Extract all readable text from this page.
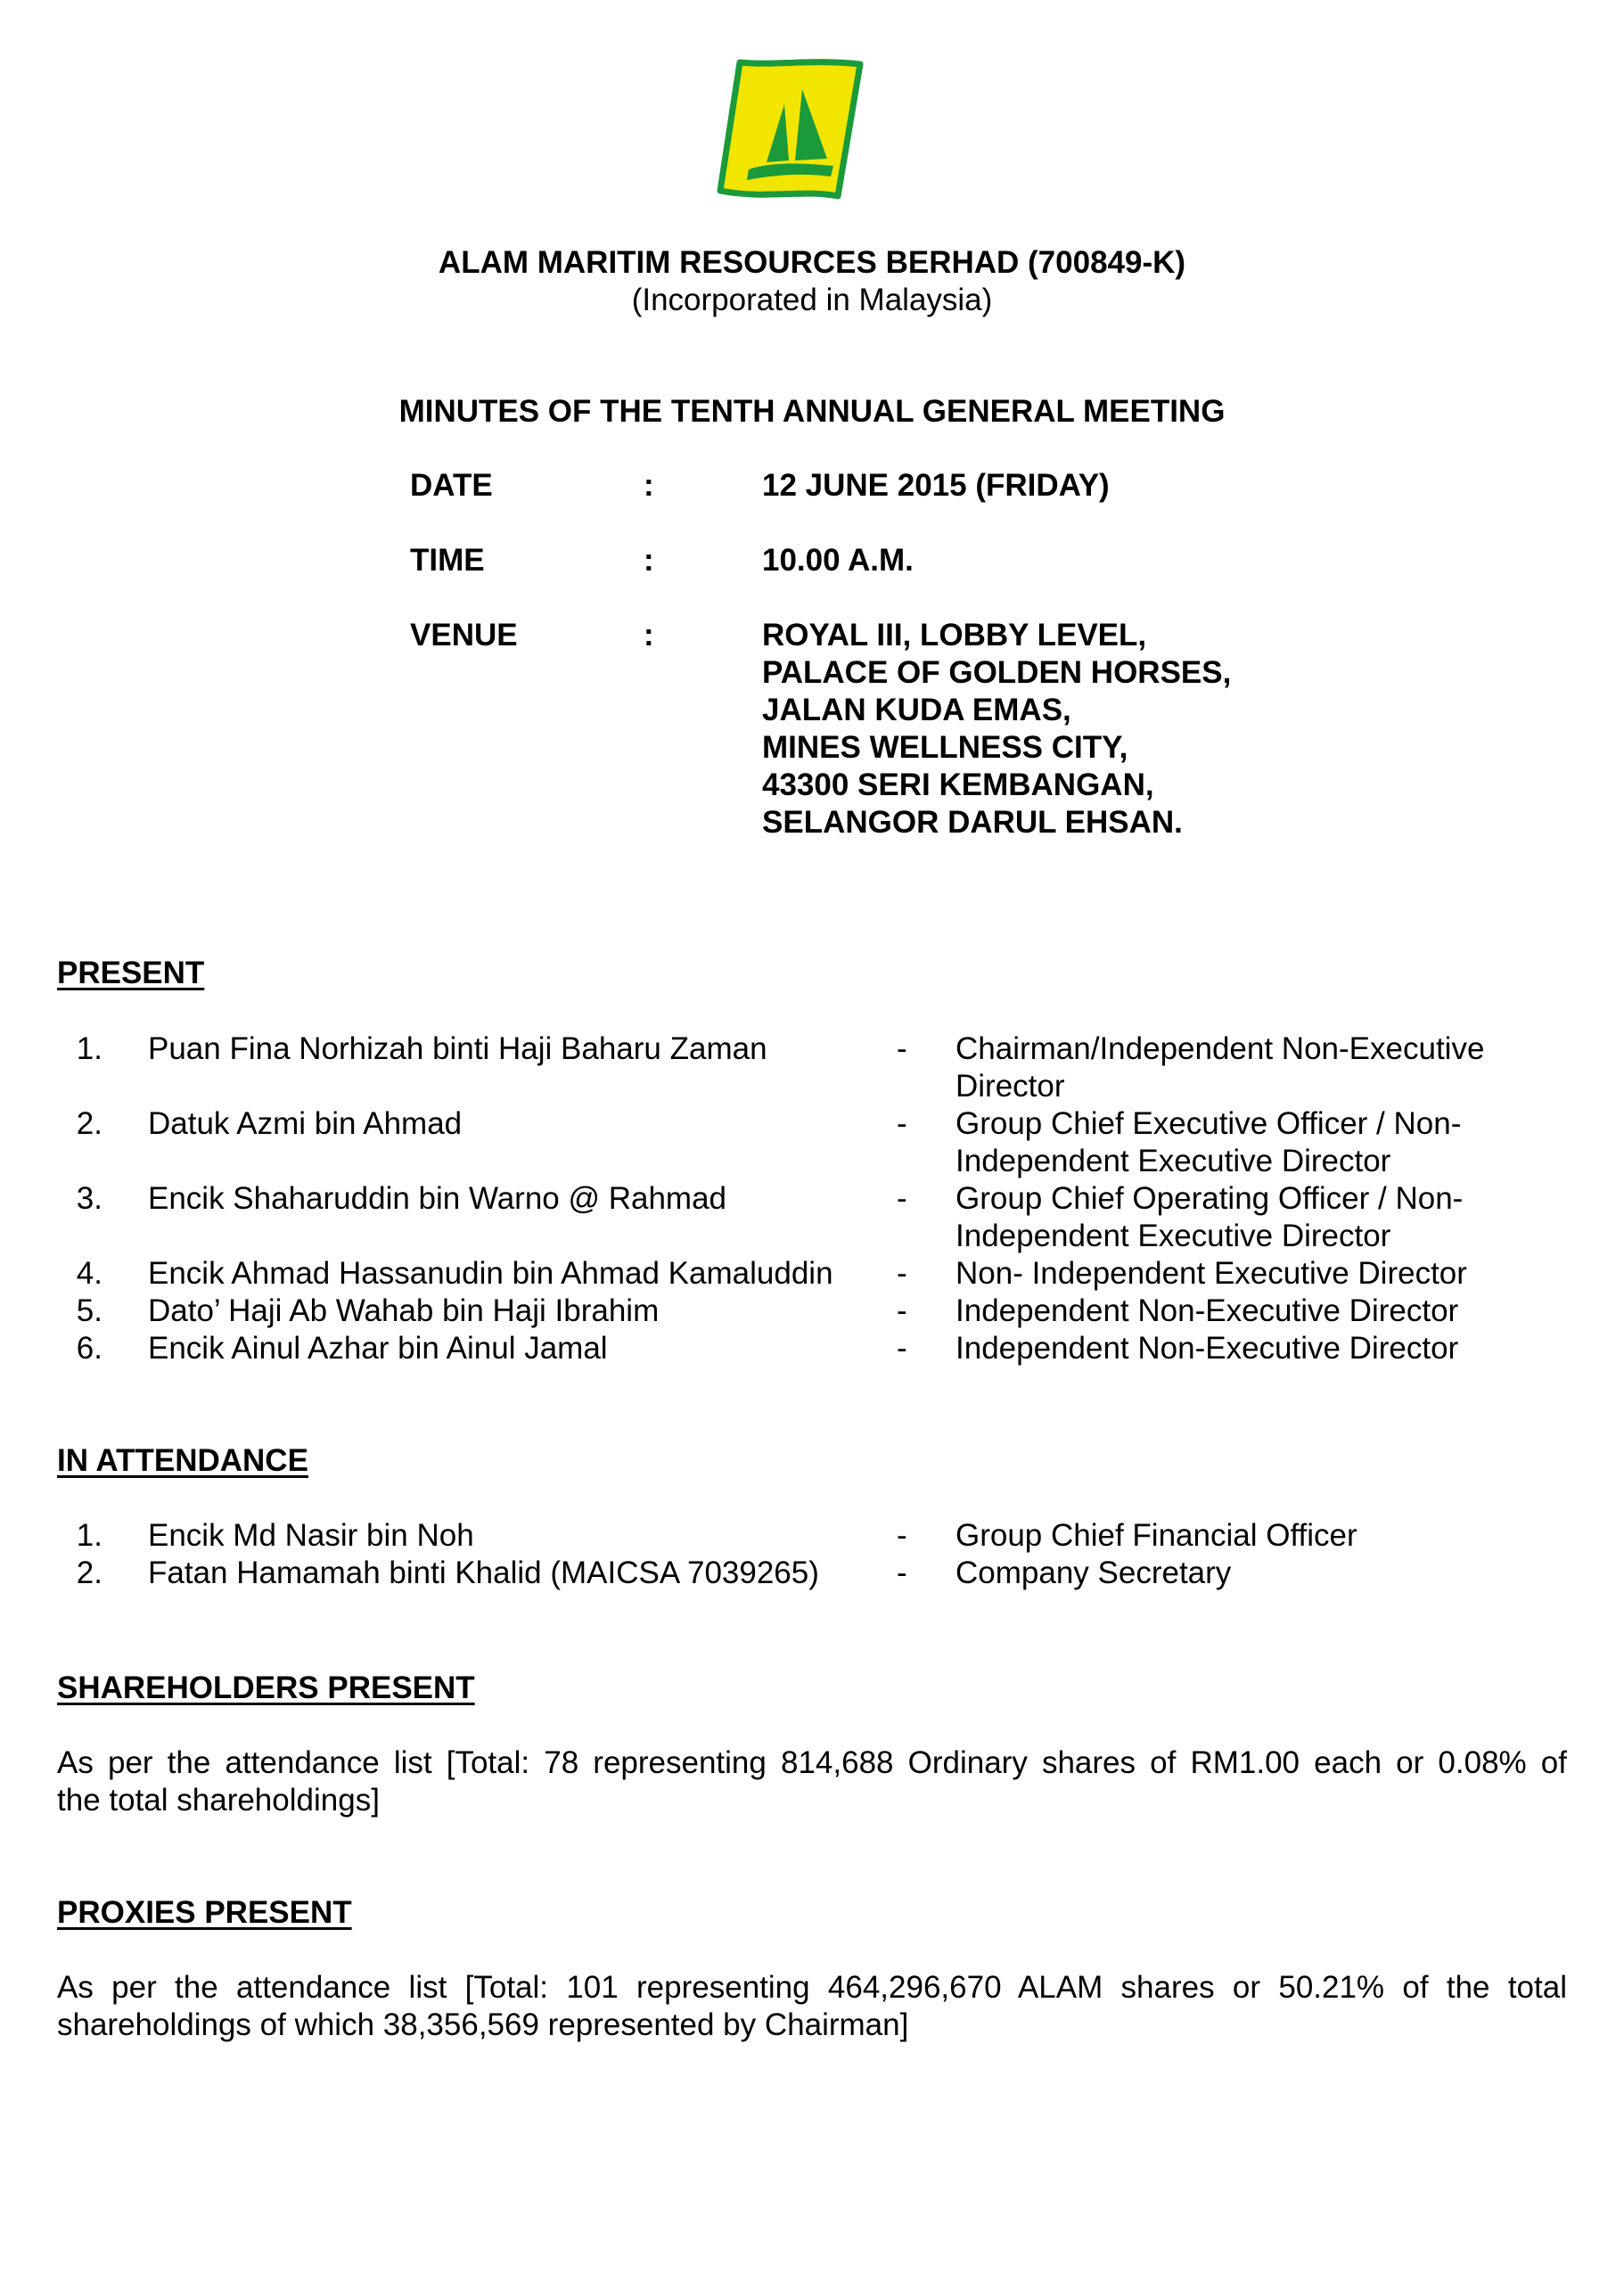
ALAM MARITIM RESOURCES BERHAD (700849-K)
(Incorporated in Malaysia)
MINUTES OF THE TENTH ANNUAL GENERAL MEETING
DATE	:	12 JUNE 2015 (FRIDAY)
TIME	:	10.00 A.M.
VENUE	:	ROYAL III, LOBBY LEVEL,
PALACE OF GOLDEN HORSES,
JALAN KUDA EMAS,
MINES WELLNESS CITY,
43300 SERI KEMBANGAN,
SELANGOR DARUL EHSAN.
PRESENT
1. Puan Fina Norhizah binti Haji Baharu Zaman	- Chairman/Independent Non-Executive
Director
2. Datuk Azmi bin Ahmad	- Group Chief Executive Officer / Non-
Independent Executive Director
3. Encik Shaharuddin bin Warno @ Rahmad	- Group Chief Operating Officer / Non-
Independent Executive Director
4. Encik Ahmad Hassanudin bin Ahmad Kamaluddin - Non- Independent Executive Director
5. Dato’ Haji Ab Wahab bin Haji Ibrahim	- Independent Non-Executive Director
6. Encik Ainul Azhar bin Ainul Jamal	- Independent Non-Executive Director
IN ATTENDANCE
1. Encik Md Nasir bin Noh	- Group Chief Financial Officer
2. Fatan Hamamah binti Khalid (MAICSA 7039265) - Company Secretary
SHAREHOLDERS PRESENT
As per the attendance list [Total: 78 representing 814,688 Ordinary shares of RM1.00 each or 0.08% of
the total shareholdings]
PROXIES PRESENT
As per the attendance list [Total: 101 representing 464,296,670 ALAM shares or 50.21% of the total
shareholdings of which 38,356,569 represented by Chairman]
